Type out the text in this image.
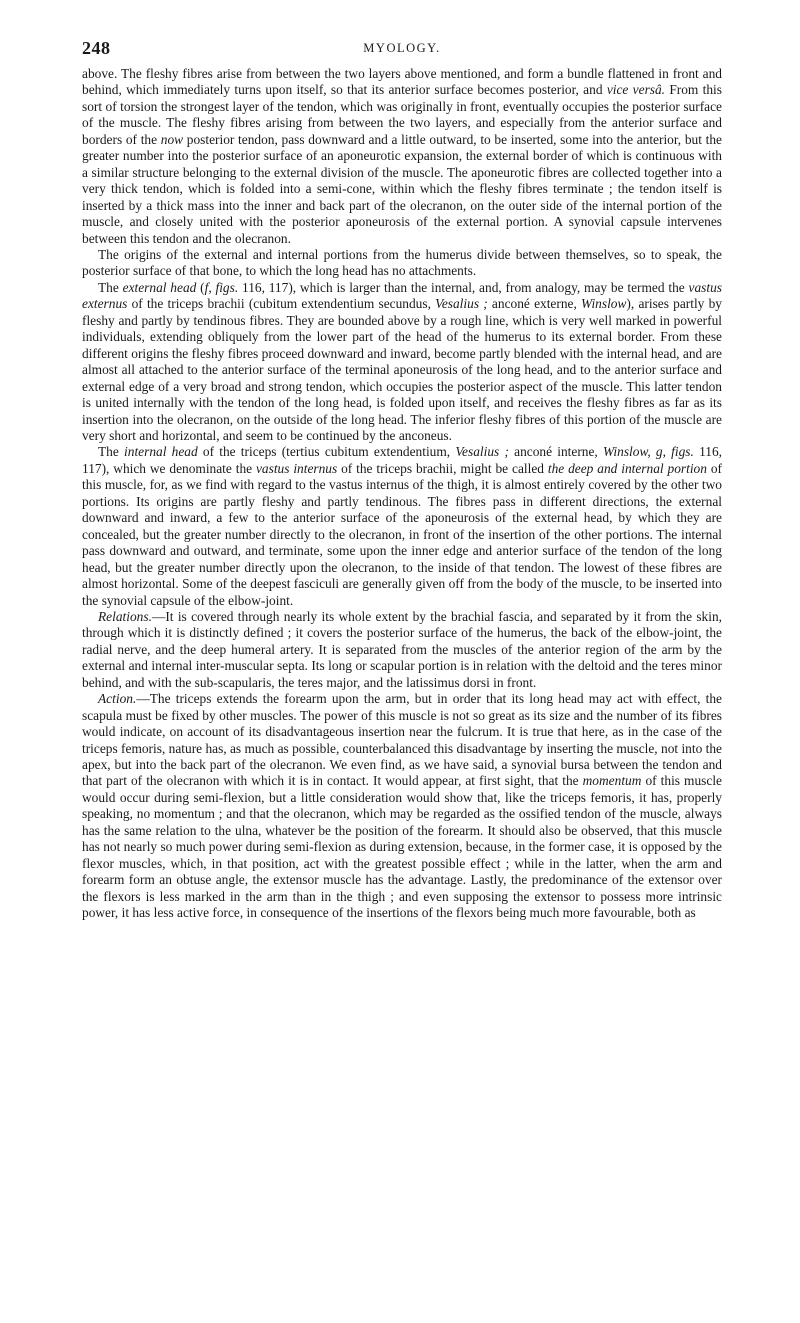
248	MYOLOGY.

above. The fleshy fibres arise from between the two layers above mentioned, and form a bundle flattened in front and behind, which immediately turns upon itself, so that its anterior surface becomes posterior, and vice versâ. From this sort of torsion the strongest layer of the tendon, which was originally in front, eventually occupies the posterior surface of the muscle. The fleshy fibres arising from between the two layers, and especially from the anterior surface and borders of the now posterior tendon, pass downward and a little outward, to be inserted, some into the anterior, but the greater number into the posterior surface of an aponeurotic expansion, the external border of which is continuous with a similar structure belonging to the external division of the muscle. The aponeurotic fibres are collected together into a very thick tendon, which is folded into a semi-cone, within which the fleshy fibres terminate ; the tendon itself is inserted by a thick mass into the inner and back part of the olecranon, on the outer side of the internal portion of the muscle, and closely united with the posterior aponeurosis of the external portion. A synovial capsule intervenes between this tendon and the olecranon.

The origins of the external and internal portions from the humerus divide between themselves, so to speak, the posterior surface of that bone, to which the long head has no attachments.

The external head (f, figs. 116, 117), which is larger than the internal, and, from analogy, may be termed the vastus externus of the triceps brachii (cubitum extendentium secundus, Vesalius ; anconé externe, Winslow), arises partly by fleshy and partly by tendinous fibres. They are bounded above by a rough line, which is very well marked in powerful individuals, extending obliquely from the lower part of the head of the humerus to its external border. From these different origins the fleshy fibres proceed downward and inward, become partly blended with the internal head, and are almost all attached to the anterior surface of the terminal aponeurosis of the long head, and to the anterior surface and external edge of a very broad and strong tendon, which occupies the posterior aspect of the muscle. This latter tendon is united internally with the tendon of the long head, is folded upon itself, and receives the fleshy fibres as far as its insertion into the olecranon, on the outside of the long head. The inferior fleshy fibres of this portion of the muscle are very short and horizontal, and seem to be continued by the anconeus.

The internal head of the triceps (tertius cubitum extendentium, Vesalius ; anconé interne, Winslow, g, figs. 116, 117), which we denominate the vastus internus of the triceps brachii, might be called the deep and internal portion of this muscle, for, as we find with regard to the vastus internus of the thigh, it is almost entirely covered by the other two portions. Its origins are partly fleshy and partly tendinous. The fibres pass in different directions, the external downward and inward, a few to the anterior surface of the aponeurosis of the external head, by which they are concealed, but the greater number directly to the olecranon, in front of the insertion of the other portions. The internal pass downward and outward, and terminate, some upon the inner edge and anterior surface of the tendon of the long head, but the greater number directly upon the olecranon, to the inside of that tendon. The lowest of these fibres are almost horizontal. Some of the deepest fasciculi are generally given off from the body of the muscle, to be inserted into the synovial capsule of the elbow-joint.

Relations.—It is covered through nearly its whole extent by the brachial fascia, and separated by it from the skin, through which it is distinctly defined ; it covers the posterior surface of the humerus, the back of the elbow-joint, the radial nerve, and the deep humeral artery. It is separated from the muscles of the anterior region of the arm by the external and internal inter-muscular septa. Its long or scapular portion is in relation with the deltoid and the teres minor behind, and with the sub-scapularis, the teres major, and the latissimus dorsi in front.

Action.—The triceps extends the forearm upon the arm, but in order that its long head may act with effect, the scapula must be fixed by other muscles. The power of this muscle is not so great as its size and the number of its fibres would indicate, on account of its disadvantageous insertion near the fulcrum. It is true that here, as in the case of the triceps femoris, nature has, as much as possible, counterbalanced this disadvantage by inserting the muscle, not into the apex, but into the back part of the olecranon. We even find, as we have said, a synovial bursa between the tendon and that part of the olecranon with which it is in contact. It would appear, at first sight, that the momentum of this muscle would occur during semi-flexion, but a little consideration would show that, like the triceps femoris, it has, properly speaking, no momentum ; and that the olecranon, which may be regarded as the ossified tendon of the muscle, always has the same relation to the ulna, whatever be the position of the forearm. It should also be observed, that this muscle has not nearly so much power during semi-flexion as during extension, because, in the former case, it is opposed by the flexor muscles, which, in that position, act with the greatest possible effect ; while in the latter, when the arm and forearm form an obtuse angle, the extensor muscle has the advantage. Lastly, the predominance of the extensor over the flexors is less marked in the arm than in the thigh ; and even supposing the extensor to possess more intrinsic power, it has less active force, in consequence of the insertions of the flexors being much more favourable, both as
